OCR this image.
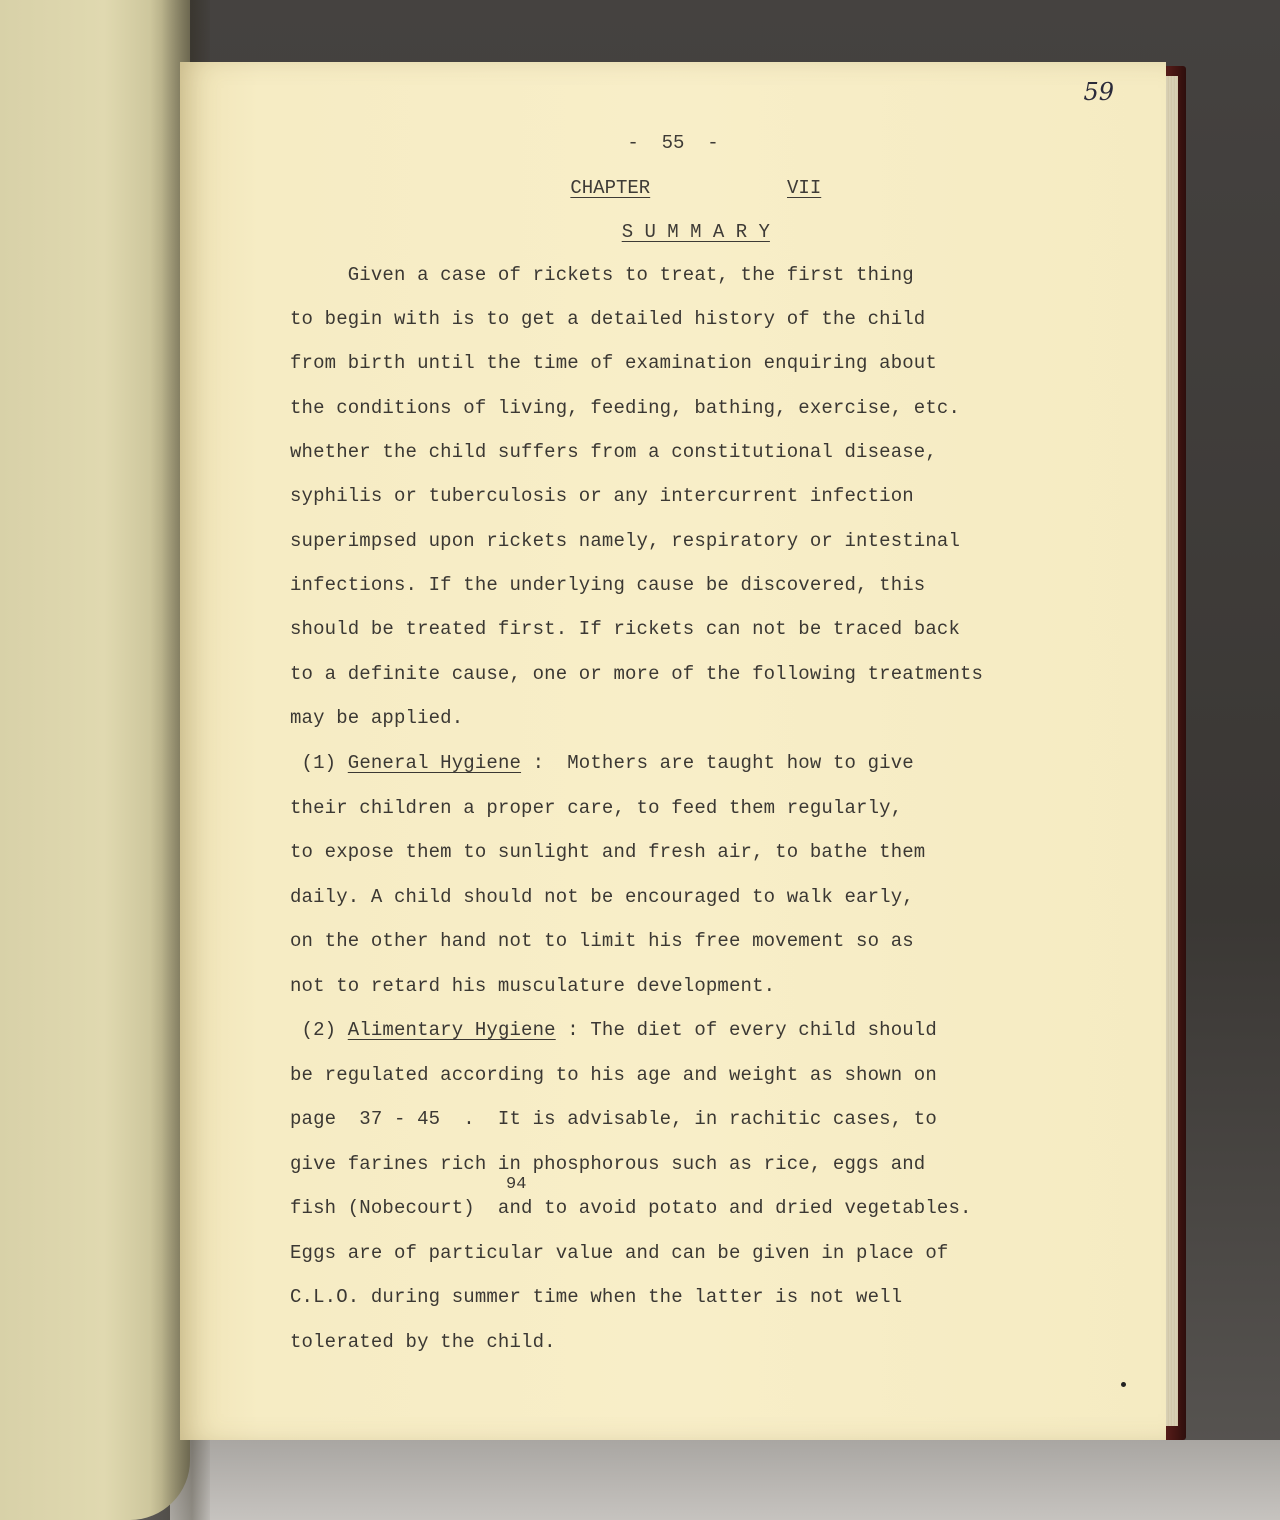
59
-  55  -

CHAPTER	VII

S U M M A R Y

Given a case of rickets to treat, the first thing
to begin with is to get a detailed history of the child
from birth until the time of examination enquiring about
the conditions of living, feeding, bathing, exercise, etc.
whether the child suffers from a constitutional disease,
syphilis or tuberculosis or any intercurrent infection
superimpsed upon rickets namely, respiratory or intestinal
infections. If the underlying cause be discovered, this
should be treated first. If rickets can not be traced back
to a definite cause, one or more of the following treatments
may be applied.
(1) General Hygiene :  Mothers are taught how to give
their children a proper care, to feed them regularly,
to expose them to sunlight and fresh air, to bathe them
daily. A child should not be encouraged to walk early,
on the other hand not to limit his free movement so as
not to retard his musculature development.
(2) Alimentary Hygiene : The diet of every child should
be regulated according to his age and weight as shown on
page  37 - 45  .  It is advisable, in rachitic cases, to
give farines rich in phosphorous such as rice, eggs and
94
fish (Nobecourt)  and to avoid potato and dried vegetables.
Eggs are of particular value and can be given in place of
C.L.O. during summer time when the latter is not well
tolerated by the child.
